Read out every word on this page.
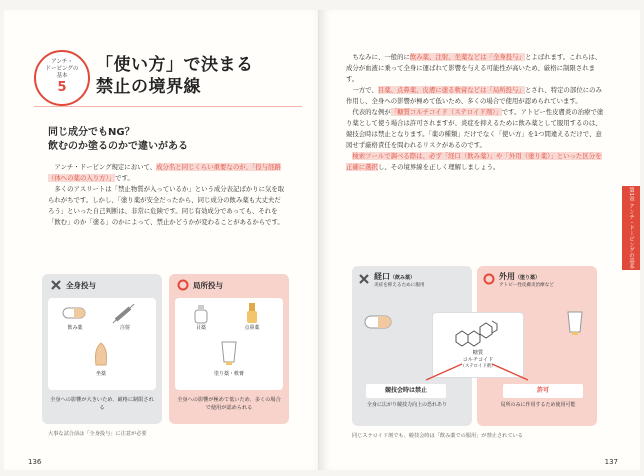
アンチ・
ドーピングの
基本
5
「使い方」で決まる
禁止の境界線
同じ成分でもNG？
飲むのか塗るのかで違いがある

アンチ・ドーピング規定において、成分名と同じくらい重要なのが、「投与経路（体への薬の入り方）」です。

多くのアスリートは「禁止物質が入っているか」という成分表記ばかりに気を取られがちです。しかし、「塗り薬が安全だったから、同じ成分の飲み薬も大丈夫だろう」といった自己判断は、非常に危険です。同じ有効成分であっても、それを「飲む」のか「塗る」のかによって、禁止かどうかが変わることがあるからです。

全身投与
飲み薬	注射
坐薬
全身への影響が大きいため、厳格に制限される
局所投与
目薬	点鼻薬
塗り薬・軟膏
全身への影響が極めて低いため、多くの場合で使用が認められる
大事な試合前は「全身投与」に注意が必要
136

ちなみに、一般的に飲み薬、注射、坐薬などは「全身投与」とよばれます。これらは、成分が血液に乗って全身に運ばれて影響を与える可能性が高いため、厳格に制限されます。

一方で、目薬、点鼻薬、皮膚に塗る軟膏などは「局所投与」とされ、特定の部位にのみ作用し、全身への影響が極めて低いため、多くの場合で使用が認められています。

代表的な例が「糖質コルチコイド（ステロイド剤）」です。アトピー性皮膚炎の治療で塗り薬として使う場合は許可されますが、炎症を抑えるために飲み薬として服用するのは、競技会時は禁止となります。「薬の種類」だけでなく「使い方」を1つ間違えるだけで、意図せず厳格責任を問われるリスクがあるのです。

検索ツールで調べる際は、必ず「経口（飲み薬）」や「外用（塗り薬）」といった区分を正確に選択し、その境界線を正しく理解しましょう。

第1章 アンチ・ドーピングの基本
経口（飲み薬）
炎症を抑えるために服用
競技会時は禁止
全身に広がり競技力向上の恐れあり
外用（塗り薬）
アトピー性皮膚炎治療など
許可
局所のみに作用するため使用可能
糖質
コルチコイド
（ステロイド剤）
同じステロイド剤でも、競技会時は「飲み薬での服用」が禁止されている
137
